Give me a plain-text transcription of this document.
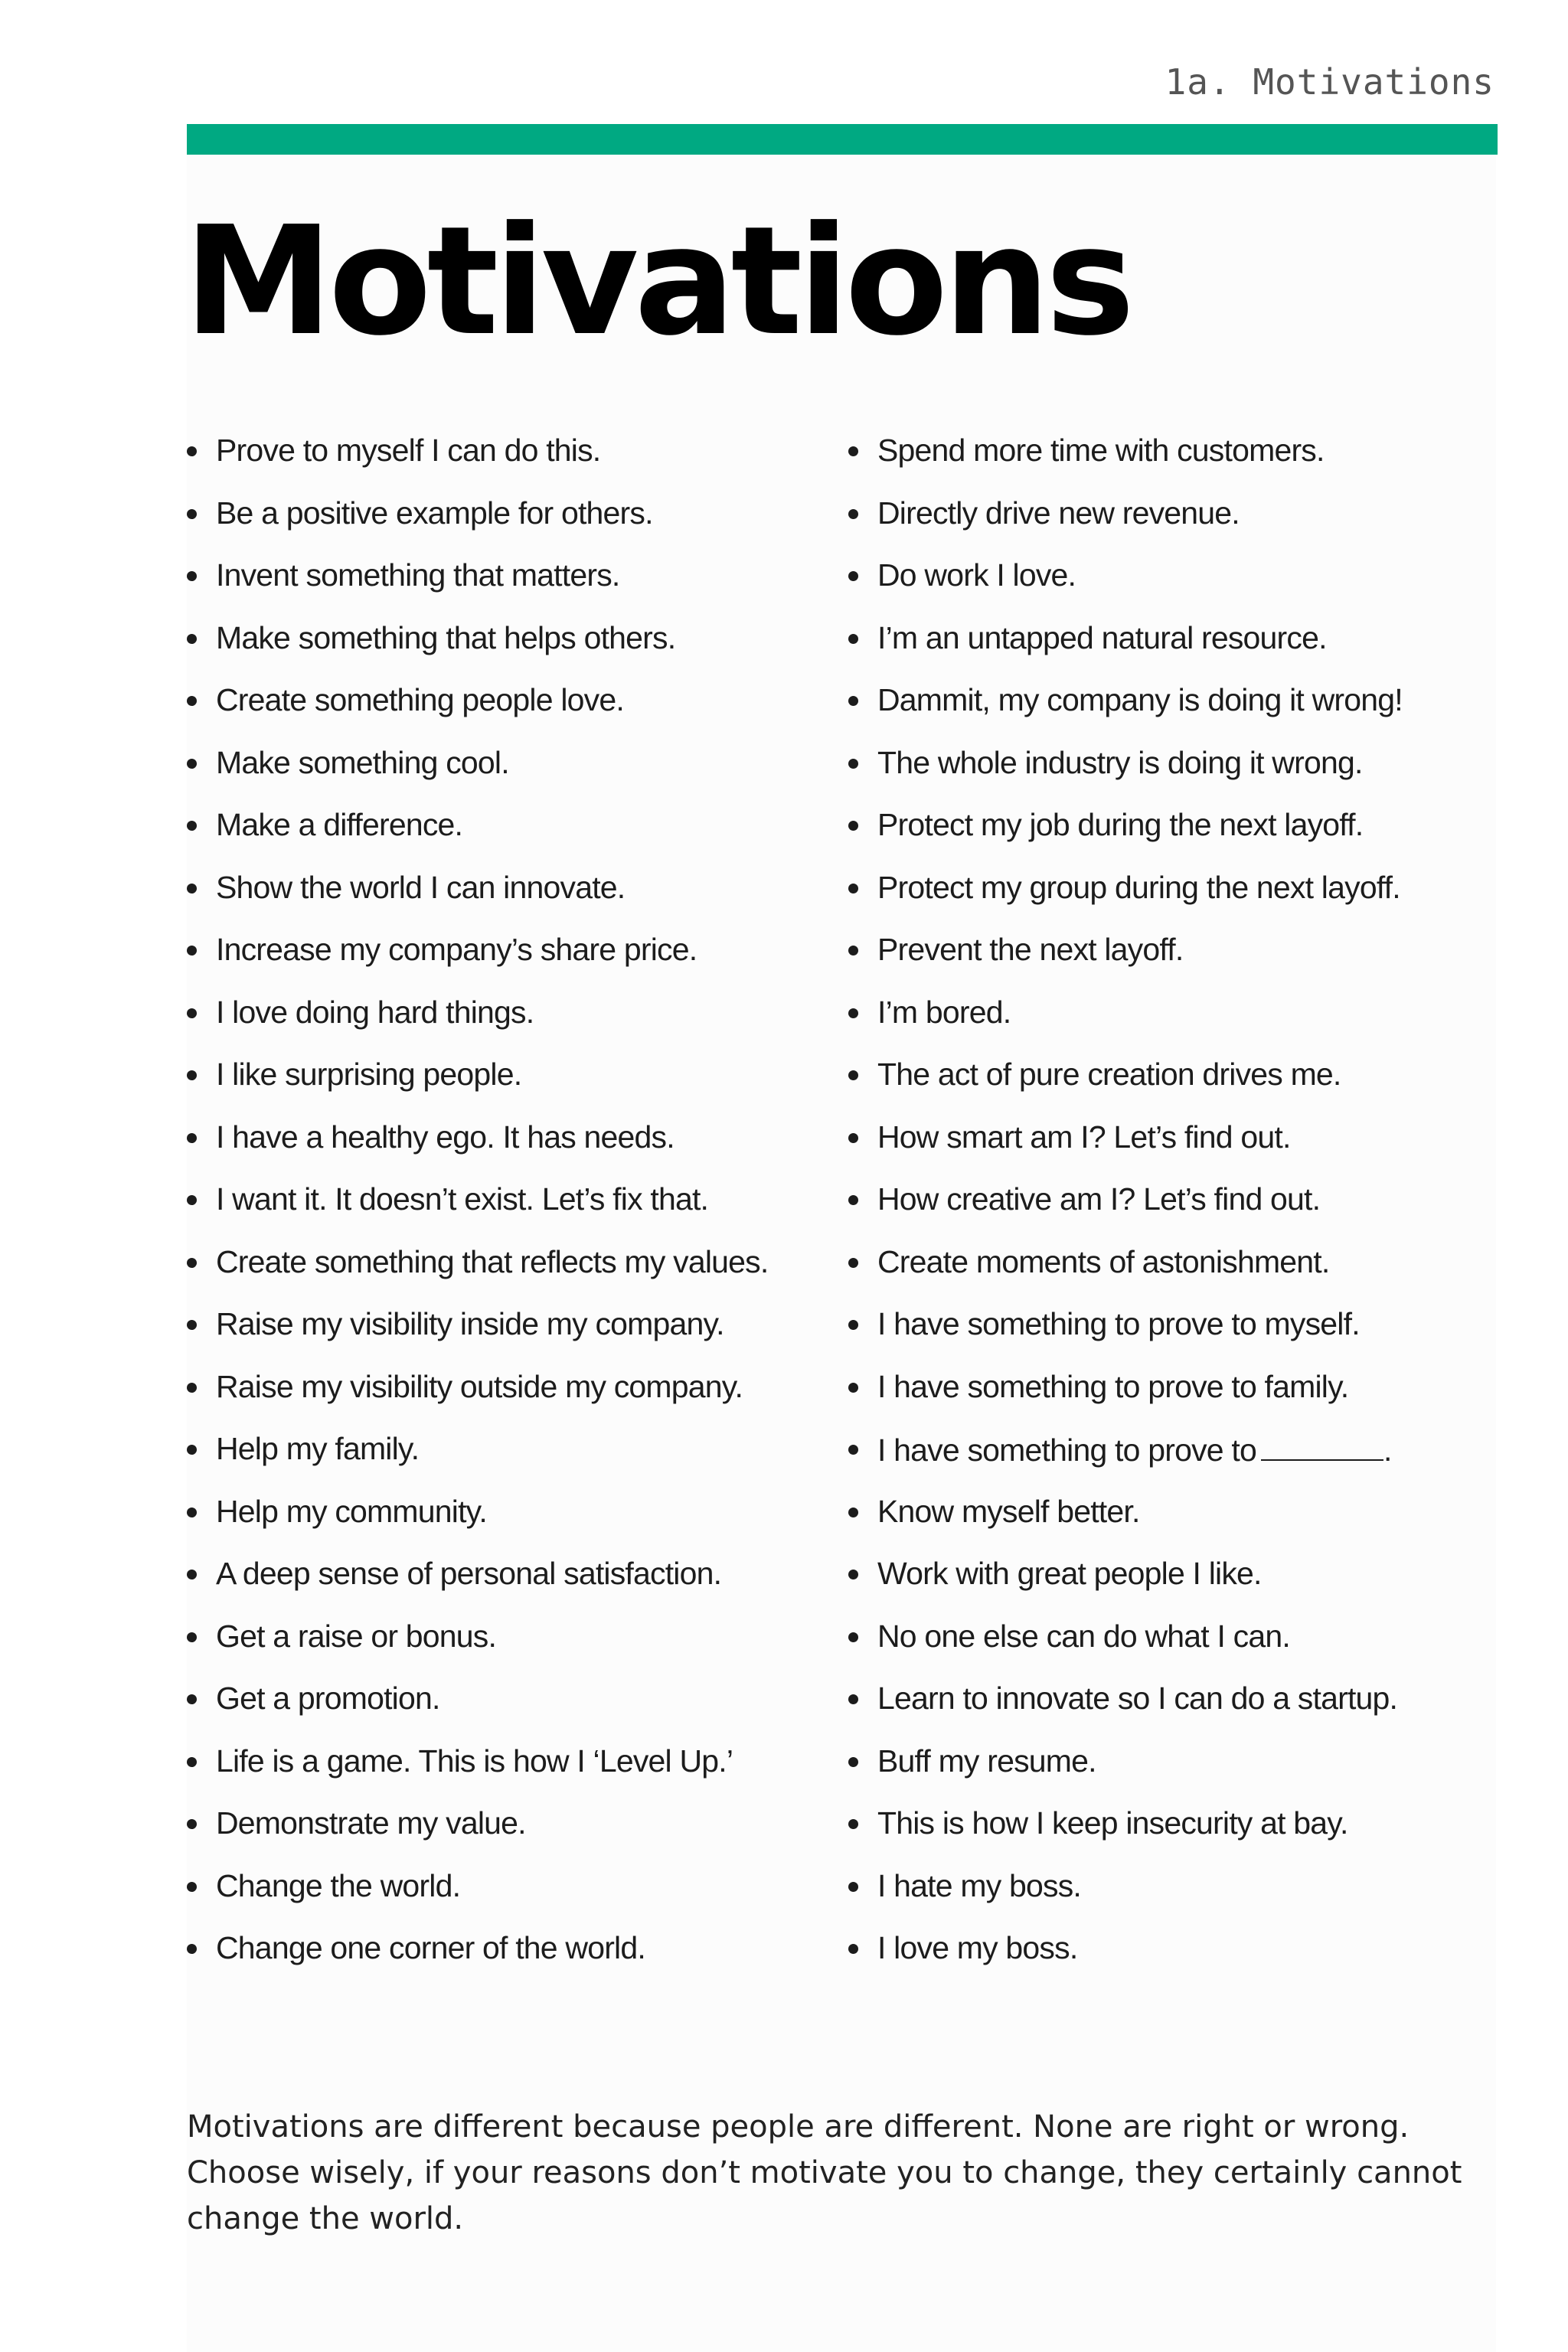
1a. Motivations
Motivations
Prove to myself I can do this.
Be a positive example for others.
Invent something that matters.
Make something that helps others.
Create something people love.
Make something cool.
Make a difference.
Show the world I can innovate.
Increase my company’s share price.
I love doing hard things.
I like surprising people.
I have a healthy ego. It has needs.
I want it. It doesn’t exist. Let’s fix that.
Create something that reflects my values.
Raise my visibility inside my company.
Raise my visibility outside my company.
Help my family.
Help my community.
A deep sense of personal satisfaction.
Get a raise or bonus.
Get a promotion.
Life is a game. This is how I ‘Level Up.’
Demonstrate my value.
Change the world.
Change one corner of the world.
Spend more time with customers.
Directly drive new revenue.
Do work I love.
I’m an untapped natural resource.
Dammit, my company is doing it wrong!
The whole industry is doing it wrong.
Protect my job during the next layoff.
Protect my group during the next layoff.
Prevent the next layoff.
I’m bored.
The act of pure creation drives me.
How smart am I? Let’s find out.
How creative am I? Let’s find out.
Create moments of astonishment.
I have something to prove to myself.
I have something to prove to family.
I have something to prove to	.
Know myself better.
Work with great people I like.
No one else can do what I can.
Learn to innovate so I can do a startup.
Buff my resume.
This is how I keep insecurity at bay.
I hate my boss.
I love my boss.

Motivations are different because people are different. None are right or wrong. Choose wisely, if your reasons don’t motivate you to change, they certainly cannot change the world.
